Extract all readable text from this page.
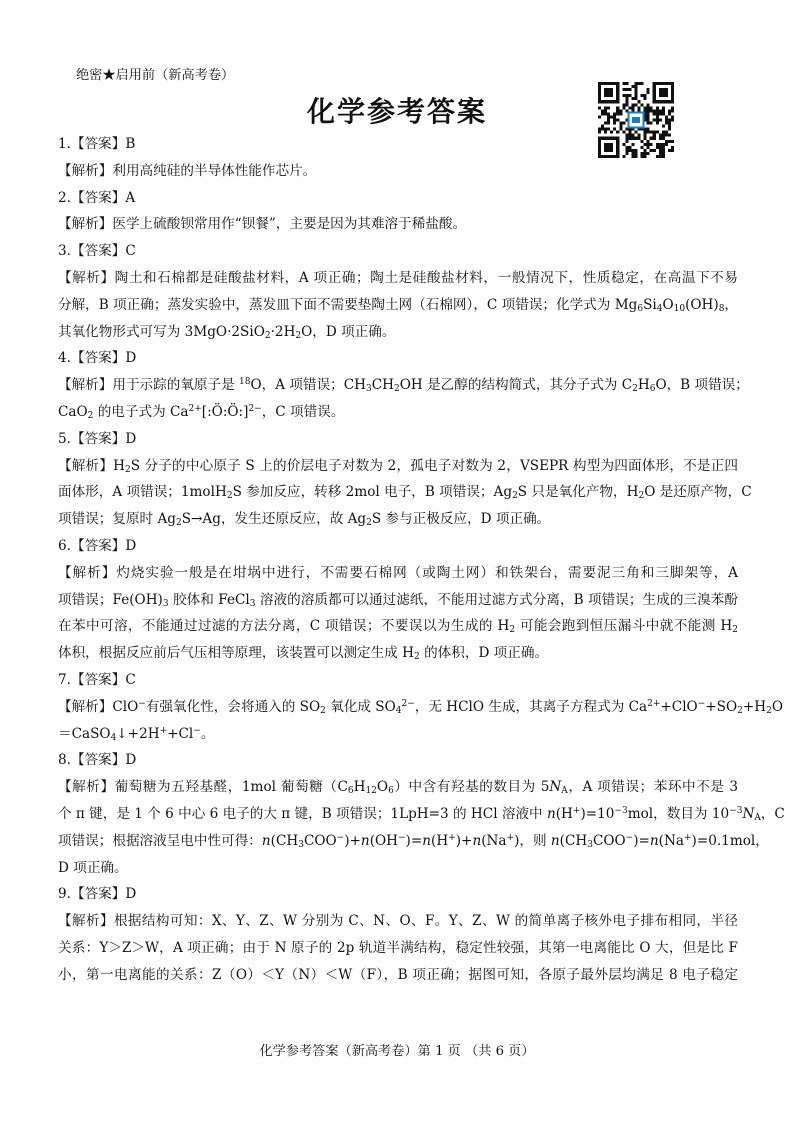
绝密★启用前（新高考卷）
化学参考答案
1.【答案】B
【解析】利用高纯硅的半导体性能作芯片。
2.【答案】A
【解析】医学上硫酸钡常用作“钡餐”，主要是因为其难溶于稀盐酸。
3.【答案】C
【解析】陶土和石棉都是硅酸盐材料，A 项正确；陶土是硅酸盐材料，一般情况下，性质稳定，在高温下不易
分解，B 项正确；蒸发实验中，蒸发皿下面不需要垫陶土网（石棉网），C 项错误；化学式为 $Mg_6Si_4O_{10}(OH)_8$，
其氧化物形式可写为 $3MgO\cdot 2SiO_2\cdot 2H_2O$，D 项正确。
4.【答案】D
【解析】用于示踪的氧原子是 $^{18}$O，A 项错误；$CH_3CH_2OH$ 是乙醇的结构简式，其分子式为 $C_2H_6O$，B 项错误；
CaO$_2$ 的电子式为 $Ca^{2+}[:Ö:Ö:]^{2-}$，C 项错误。
5.【答案】D
【解析】$H_2S$ 分子的中心原子 S 上的价层电子对数为 2，孤电子对数为 2，VSEPR 构型为四面体形，不是正四
面体形，A 项错误；1molH$_2$S 参加反应，转移 2mol 电子，B 项错误；$Ag_2S$ 只是氧化产物，$H_2O$ 是还原产物，C
项错误；复原时 $Ag_2S\to Ag$，发生还原反应，故 $Ag_2S$ 参与正极反应，D 项正确。
6.【答案】D
【解析】灼烧实验一般是在坩埚中进行，不需要石棉网（或陶土网）和铁架台，需要泥三角和三脚架等，A
项错误；$Fe(OH)_3$ 胶体和 FeCl$_3$ 溶液的溶质都可以通过滤纸，不能用过滤方式分离，B 项错误；生成的三溴苯酚
在苯中可溶，不能通过过滤的方法分离，C 项错误；不要误以为生成的 $H_2$ 可能会跑到恒压漏斗中就不能测 $H_2$
体积，根据反应前后气压相等原理，该装置可以测定生成 $H_2$ 的体积，D 项正确。
7.【答案】C
【解析】ClO−有强氧化性，会将通入的 $SO_2$ 氧化成 $SO_4^{2-}$，无 HClO 生成，其离子方程式为 $Ca^{2+}+ClO^-+SO_2+H_2O$
＝CaSO$_4$↓+2H++Cl−。
8.【答案】D
【解析】葡萄糖为五羟基醛，1mol 葡萄糖$(C_6H_{12}O_6)$中含有羟基的数目为 $5N_A$，A 项错误；苯环中不是 3
个 π 键，是 1 个 6 中心 6 电子的大 π 键，B 项错误；1LpH=3 的 HCl 溶液中 $n(H^+)=10^{-3}mol$，数目为 $10^{-3}N_A$，C
项错误；根据溶液呈电中性可得：$n(CH_3COO^-)+n(OH^-)=n(H^+)+n(Na^+)$，则 $n(CH_3COO^-)=n(Na^+)=0.1mol$，
D 项正确。
9.【答案】D
【解析】根据结构可知：X、Y、Z、W 分别为 C、N、O、F。Y、Z、W 的简单离子核外电子排布相同，半径
关系：Y＞Z＞W，A 项正确；由于 N 原子的 2p 轨道半满结构，稳定性较强，其第一电离能比 O 大，但是比 F
小，第一电离能的关系：Z（O）＜Y（N）＜W（F），B 项正确；据图可知，各原子最外层均满足 8 电子稳定
化学参考答案（新高考卷）第 1 页 （共 6 页）
